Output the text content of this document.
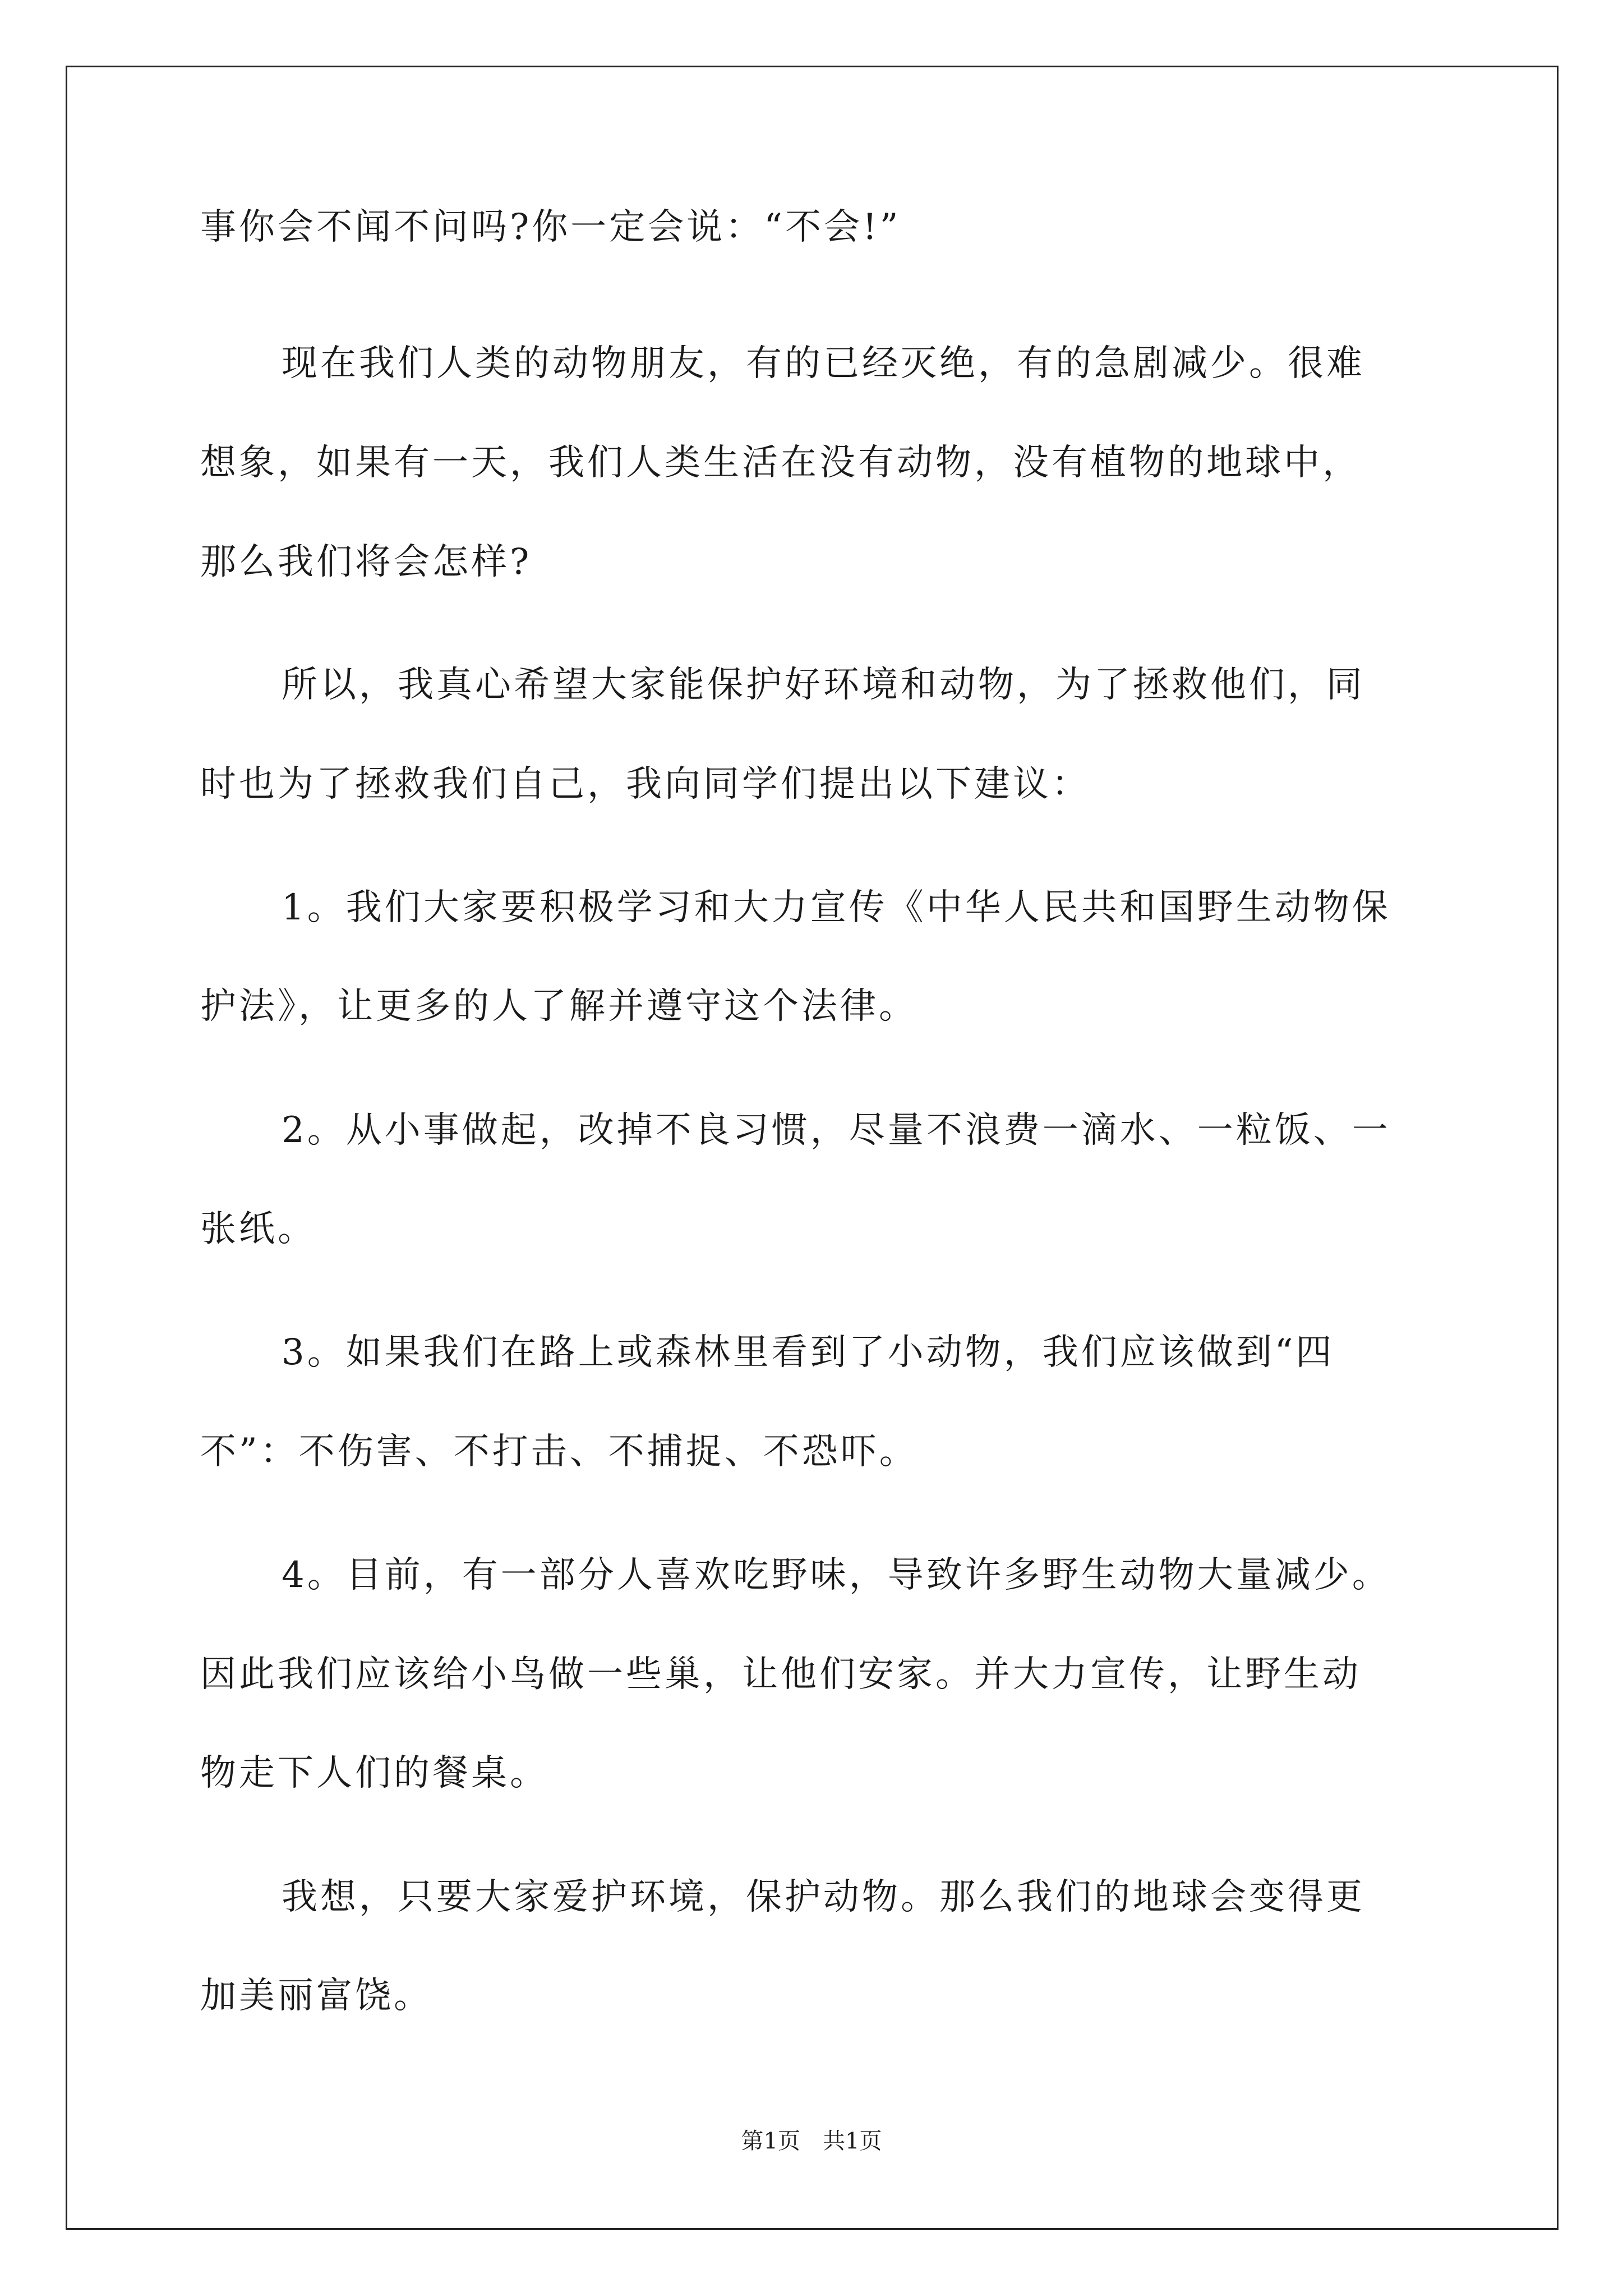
事你会不闻不问吗?你一定会说：“不会!”
现在我们人类的动物朋友，有的已经灭绝，有的急剧减少。很难
想象，如果有一天，我们人类生活在没有动物，没有植物的地球中，
那么我们将会怎样?
所以，我真心希望大家能保护好环境和动物，为了拯救他们，同
时也为了拯救我们自己，我向同学们提出以下建议：
1。我们大家要积极学习和大力宣传《中华人民共和国野生动物保
护法》，让更多的人了解并遵守这个法律。
2。从小事做起，改掉不良习惯，尽量不浪费一滴水、一粒饭、一
张纸。
3。如果我们在路上或森林里看到了小动物，我们应该做到“四
不”：不伤害、不打击、不捕捉、不恐吓。
4。目前，有一部分人喜欢吃野味，导致许多野生动物大量减少。
因此我们应该给小鸟做一些巢，让他们安家。并大力宣传，让野生动
物走下人们的餐桌。
我想，只要大家爱护环境，保护动物。那么我们的地球会变得更
加美丽富饶。
第1页　共1页
